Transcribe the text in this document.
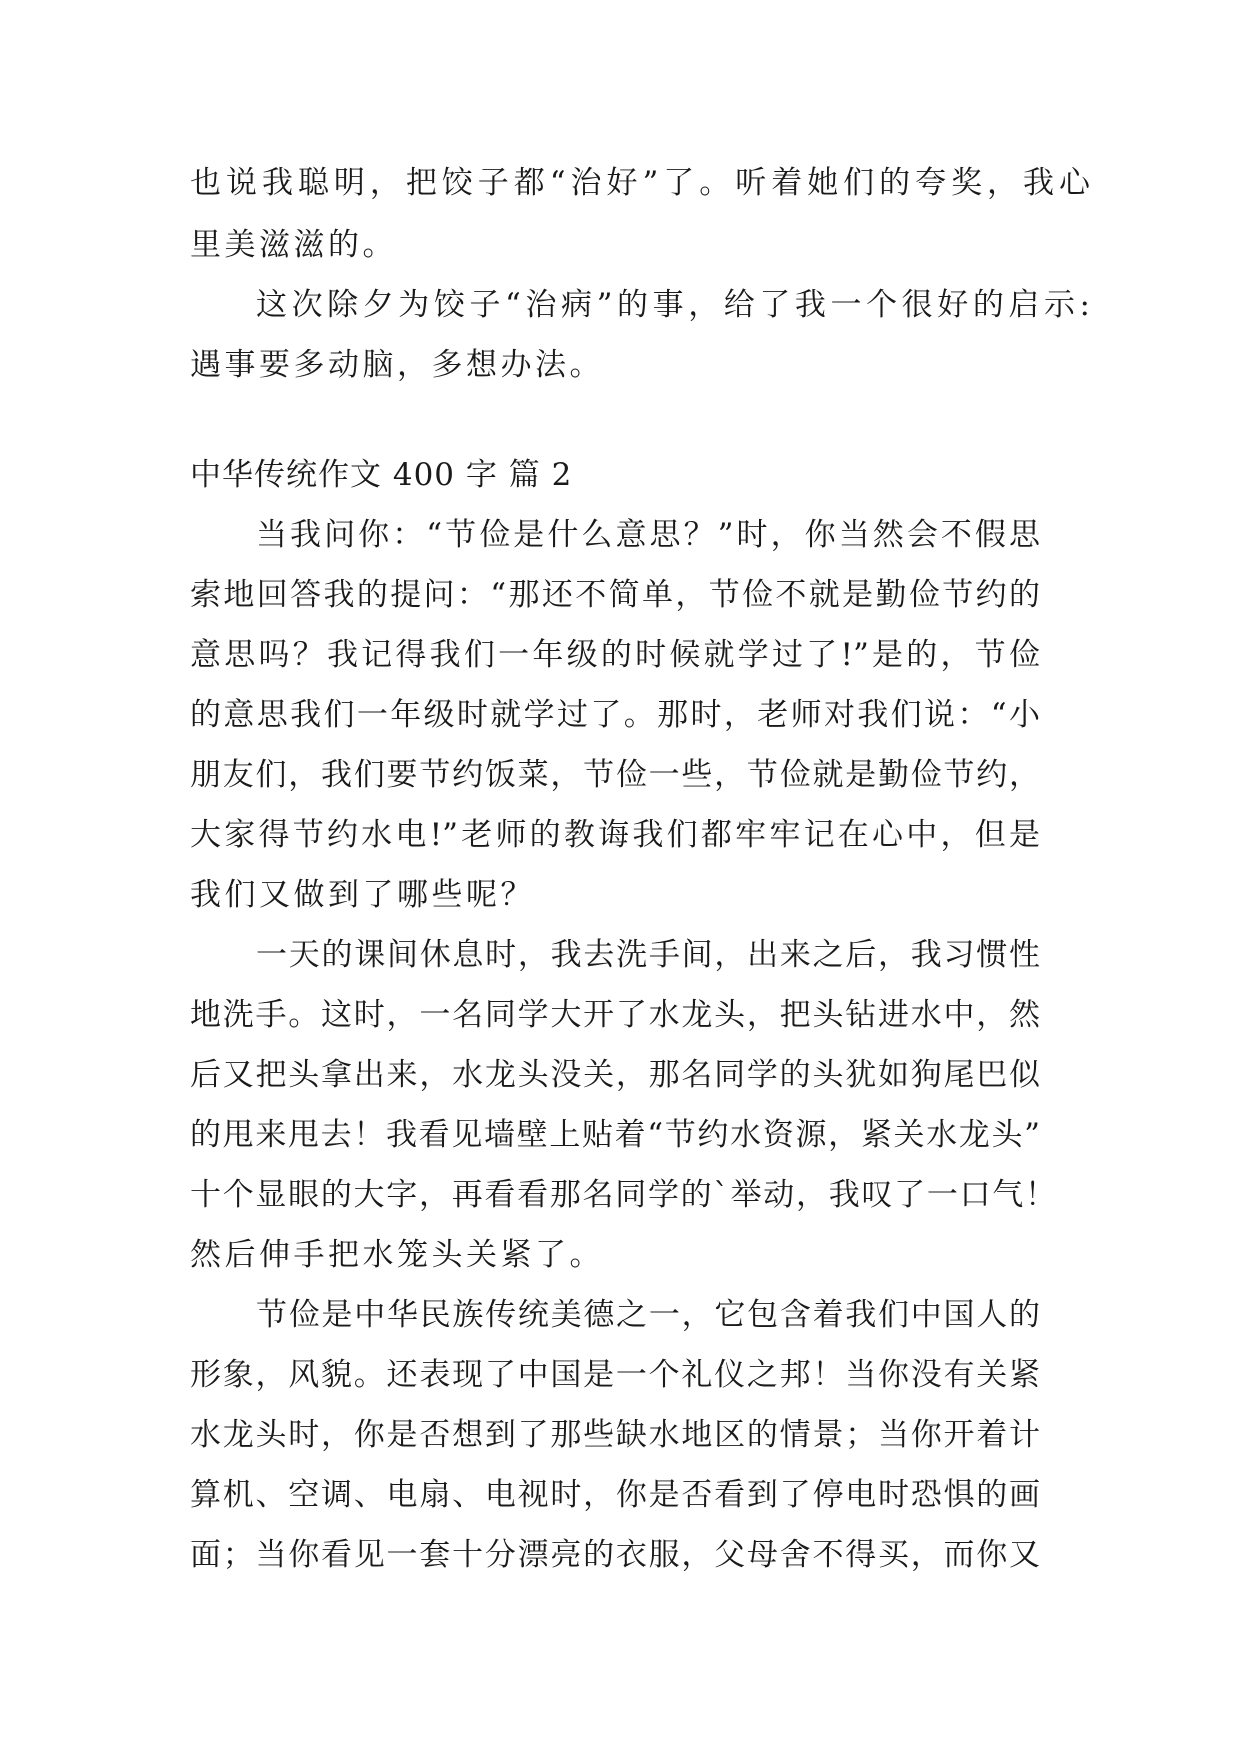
也说我聪明，把饺子都“治好”了。听着她们的夸奖，我心
里美滋滋的。
这次除夕为饺子“治病”的事，给了我一个很好的启示:
遇事要多动脑，多想办法。
中华传统作文 400 字 篇 2
当我问你：“节俭是什么意思？”时，你当然会不假思
索地回答我的提问：“那还不简单，节俭不就是勤俭节约的
意思吗？我记得我们一年级的时候就学过了!”是的，节俭
的意思我们一年级时就学过了。那时，老师对我们说：“小
朋友们，我们要节约饭菜，节俭一些，节俭就是勤俭节约，
大家得节约水电!”老师的教诲我们都牢牢记在心中，但是
我们又做到了哪些呢？
一天的课间休息时，我去洗手间，出来之后，我习惯性
地洗手。这时，一名同学大开了水龙头，把头钻进水中，然
后又把头拿出来，水龙头没关，那名同学的头犹如狗尾巴似
的甩来甩去！我看见墙壁上贴着“节约水资源，紧关水龙头”
十个显眼的大字，再看看那名同学的`举动，我叹了一口气！
然后伸手把水笼头关紧了。
节俭是中华民族传统美德之一，它包含着我们中国人的
形象，风貌。还表现了中国是一个礼仪之邦！当你没有关紧
水龙头时，你是否想到了那些缺水地区的情景；当你开着计
算机、空调、电扇、电视时，你是否看到了停电时恐惧的画
面；当你看见一套十分漂亮的衣服，父母舍不得买，而你又
